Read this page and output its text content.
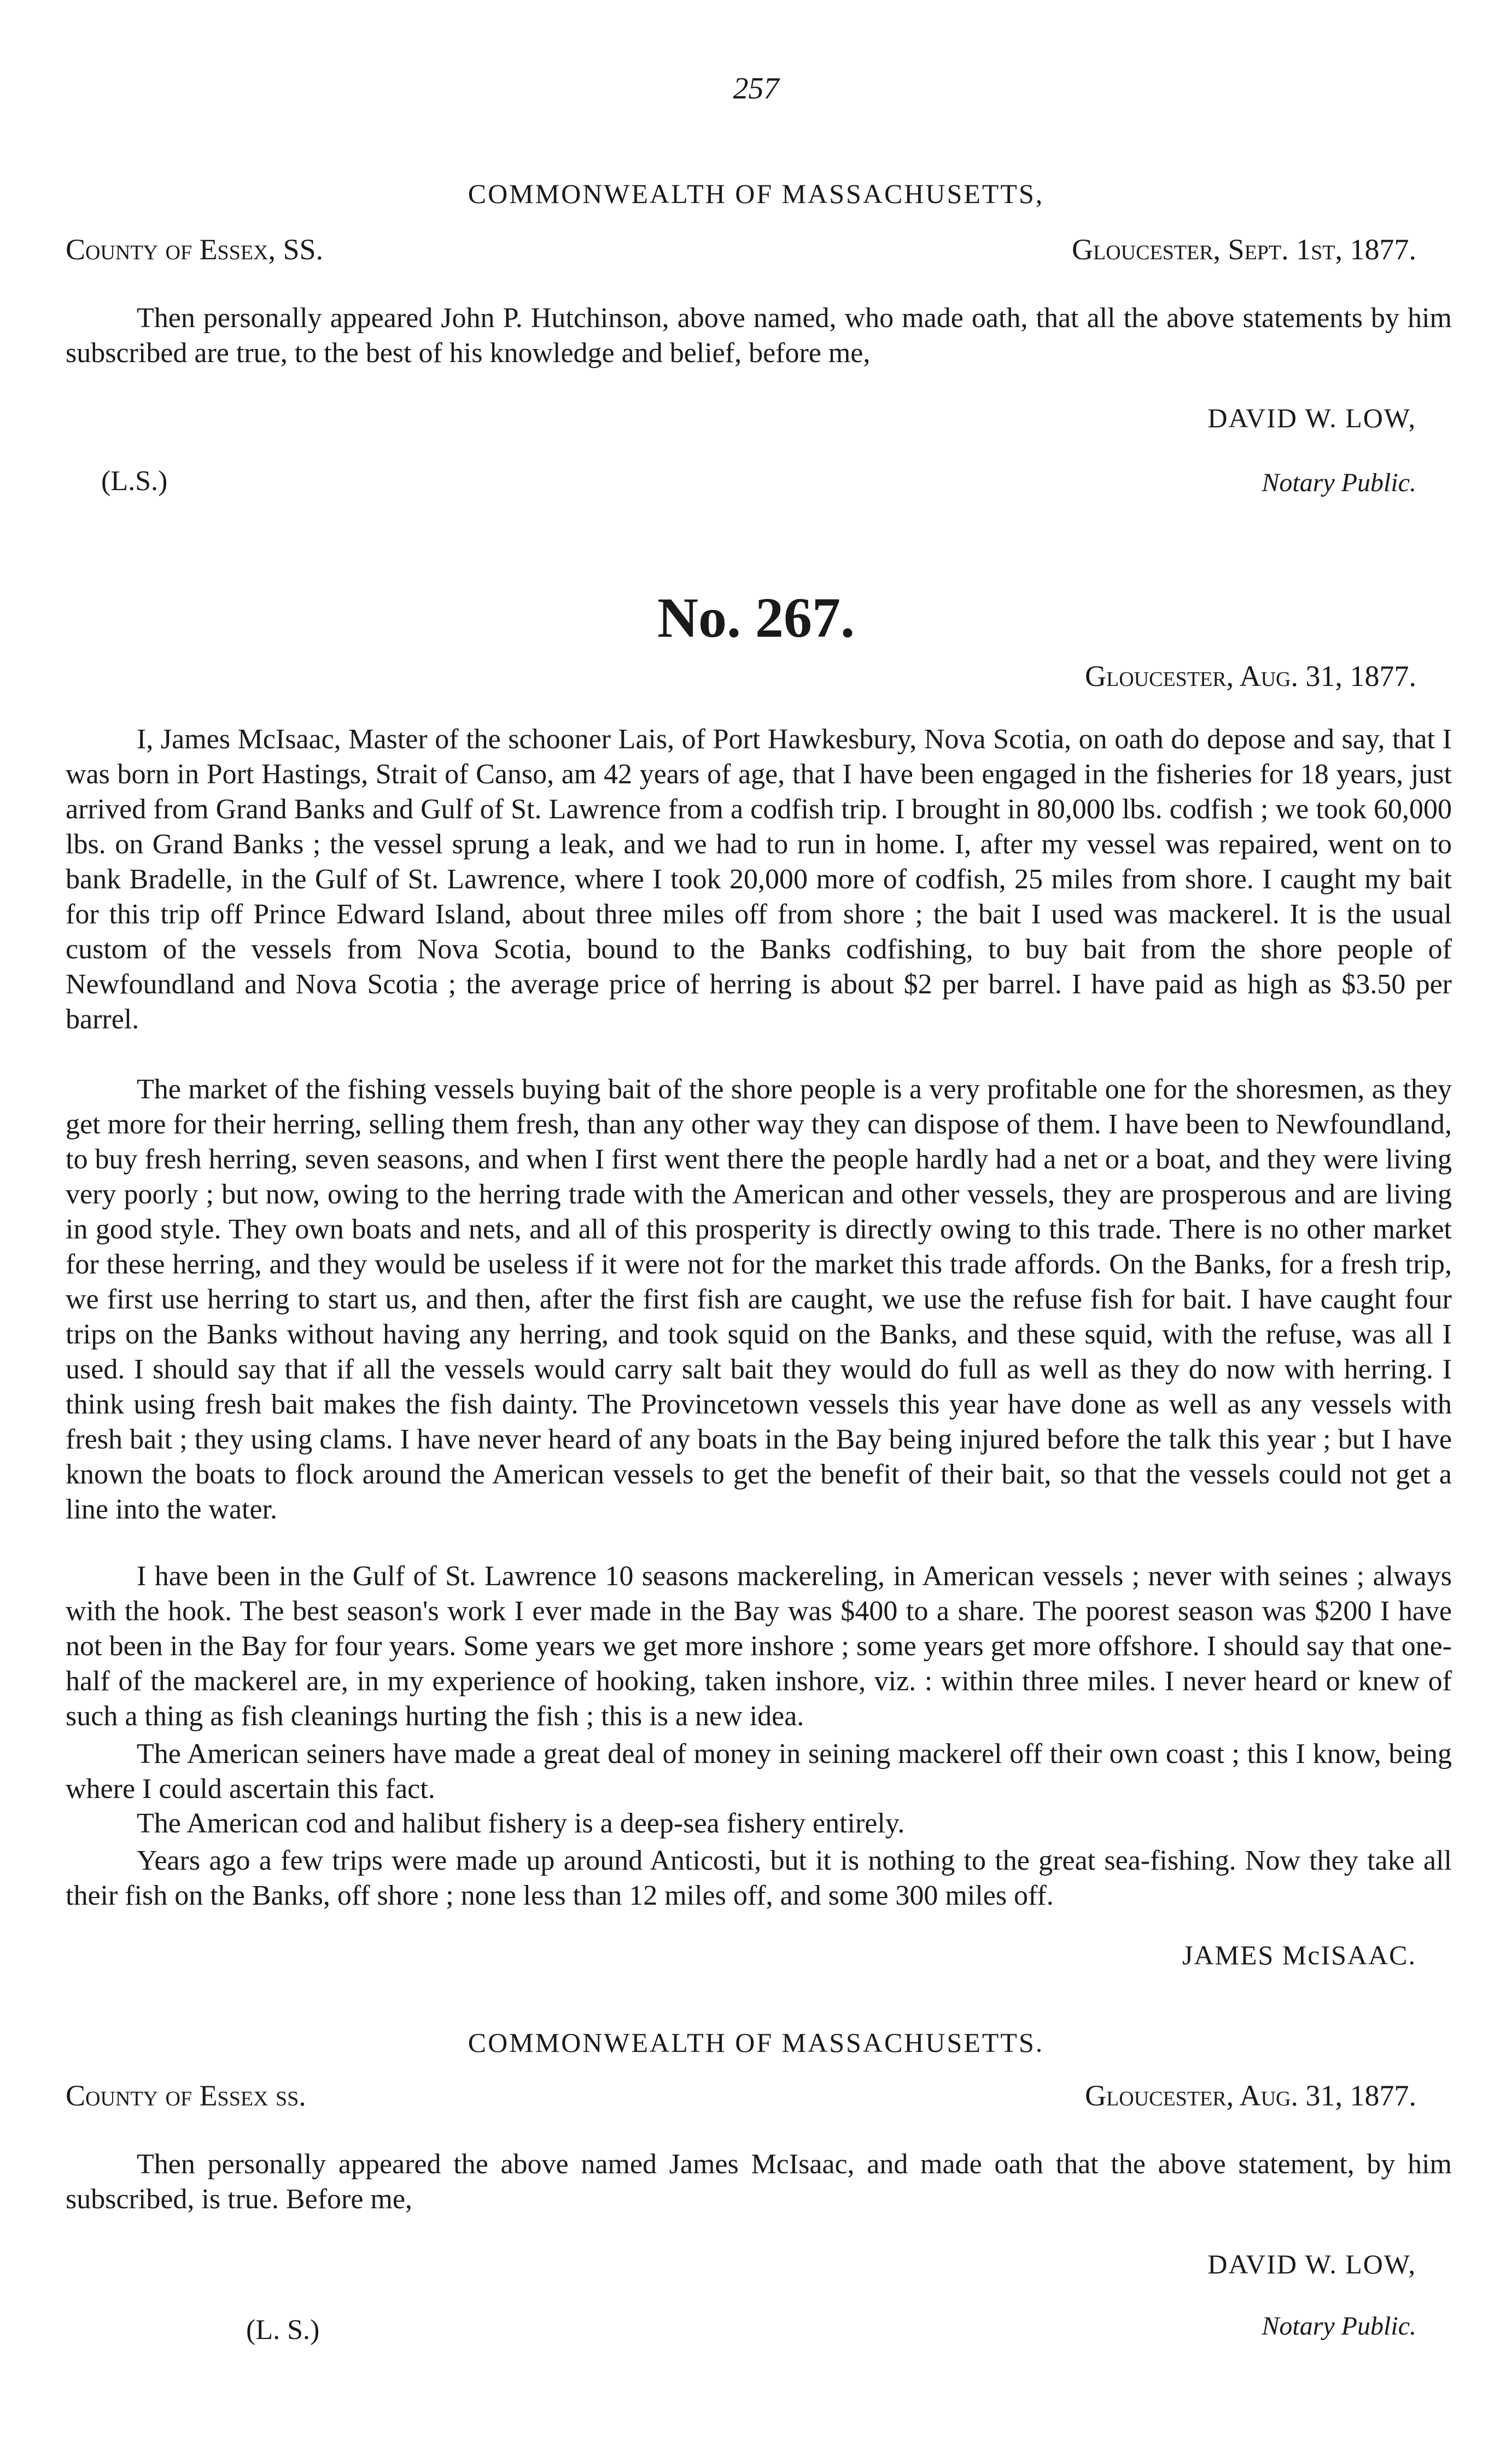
257
COMMONWEALTH OF MASSACHUSETTS,
County of Essex, SS.	Gloucester, Sept. 1st, 1877.
Then personally appeared John P. Hutchinson, above named, who made oath, that all the above statements by him subscribed are true, to the best of his knowledge and belief, before me,
DAVID W. LOW,
(L.S.)	Notary Public.
No. 267.
Gloucester, Aug. 31, 1877.
I, James McIsaac, Master of the schooner Lais, of Port Hawkesbury, Nova Scotia, on oath do depose and say, that I was born in Port Hastings, Strait of Canso, am 42 years of age, that I have been engaged in the fisheries for 18 years, just arrived from Grand Banks and Gulf of St. Lawrence from a codfish trip. I brought in 80,000 lbs. codfish ; we took 60,000 lbs. on Grand Banks ; the vessel sprung a leak, and we had to run in home. I, after my vessel was repaired, went on to bank Bradelle, in the Gulf of St. Lawrence, where I took 20,000 more of codfish, 25 miles from shore. I caught my bait for this trip off Prince Edward Island, about three miles off from shore ; the bait I used was mackerel. It is the usual custom of the vessels from Nova Scotia, bound to the Banks codfishing, to buy bait from the shore people of Newfoundland and Nova Scotia ; the average price of herring is about $2 per barrel. I have paid as high as $3.50 per barrel.
The market of the fishing vessels buying bait of the shore people is a very profitable one for the shoresmen, as they get more for their herring, selling them fresh, than any other way they can dispose of them. I have been to Newfoundland, to buy fresh herring, seven seasons, and when I first went there the people hardly had a net or a boat, and they were living very poorly ; but now, owing to the herring trade with the American and other vessels, they are prosperous and are living in good style. They own boats and nets, and all of this prosperity is directly owing to this trade. There is no other market for these herring, and they would be useless if it were not for the market this trade affords. On the Banks, for a fresh trip, we first use herring to start us, and then, after the first fish are caught, we use the refuse fish for bait. I have caught four trips on the Banks without having any herring, and took squid on the Banks, and these squid, with the refuse, was all I used. I should say that if all the vessels would carry salt bait they would do full as well as they do now with herring. I think using fresh bait makes the fish dainty. The Provincetown vessels this year have done as well as any vessels with fresh bait ; they using clams. I have never heard of any boats in the Bay being injured before the talk this year ; but I have known the boats to flock around the American vessels to get the benefit of their bait, so that the vessels could not get a line into the water.
I have been in the Gulf of St. Lawrence 10 seasons mackereling, in American vessels ; never with seines ; always with the hook. The best season's work I ever made in the Bay was $400 to a share. The poorest season was $200 I have not been in the Bay for four years. Some years we get more inshore ; some years get more offshore. I should say that one-half of the mackerel are, in my experience of hooking, taken inshore, viz. : within three miles. I never heard or knew of such a thing as fish cleanings hurting the fish ; this is a new idea.
The American seiners have made a great deal of money in seining mackerel off their own coast ; this I know, being where I could ascertain this fact.
The American cod and halibut fishery is a deep-sea fishery entirely.
Years ago a few trips were made up around Anticosti, but it is nothing to the great sea-fishing. Now they take all their fish on the Banks, off shore ; none less than 12 miles off, and some 300 miles off.
JAMES McISAAC.
COMMONWEALTH OF MASSACHUSETTS.
County of Essex ss.	Gloucester, Aug. 31, 1877.
Then personally appeared the above named James McIsaac, and made oath that the above statement, by him subscribed, is true. Before me,
DAVID W. LOW,
(L. S.)	Notary Public.
